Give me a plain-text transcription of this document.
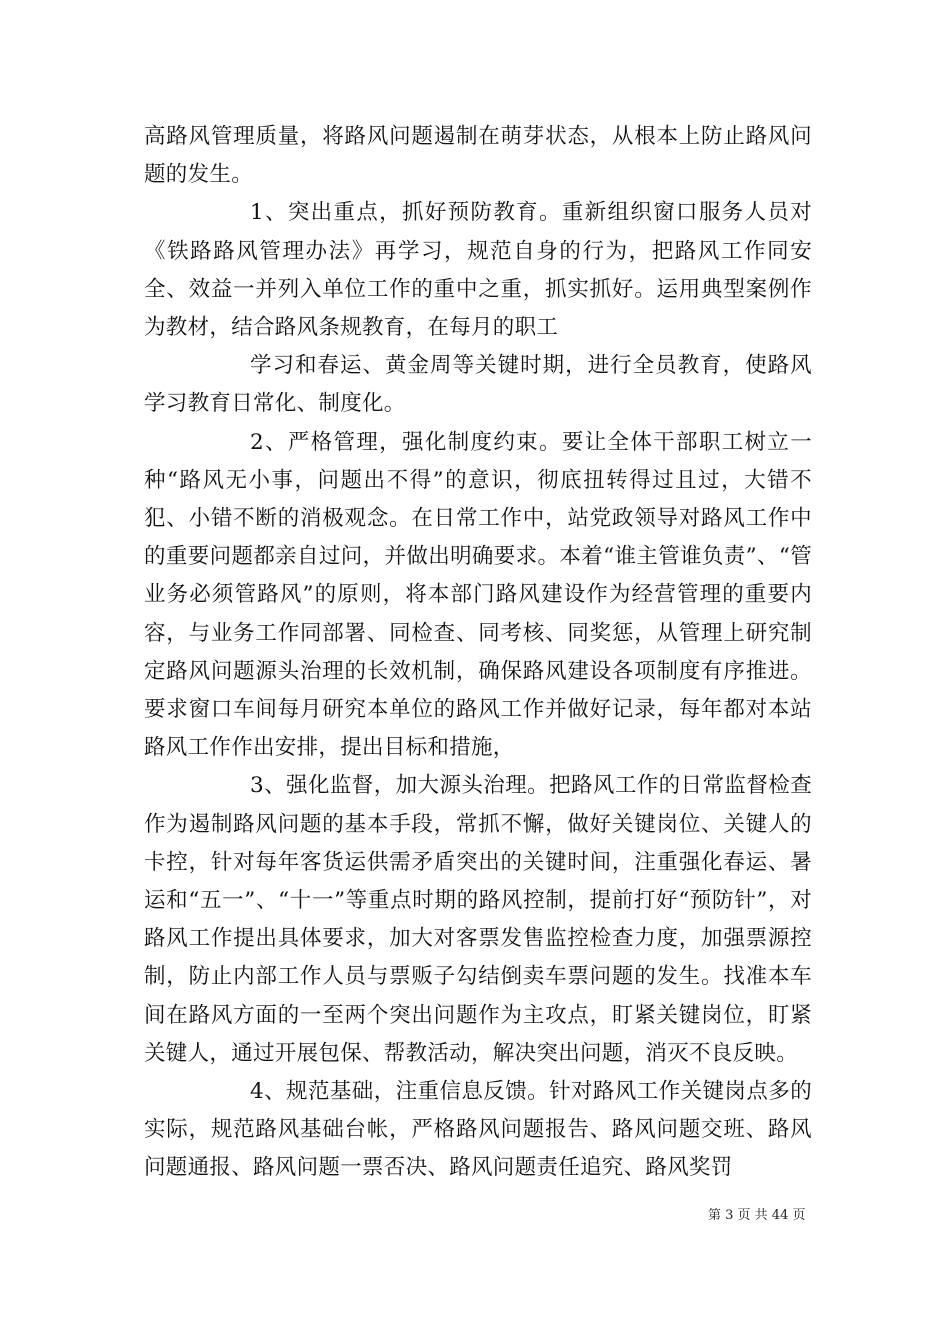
高路风管理质量，将路风问题遏制在萌芽状态，从根本上防止路风问题的发生。

1、突出重点，抓好预防教育。重新组织窗口服务人员对《铁路路风管理办法》再学习，规范自身的行为，把路风工作同安全、效益一并列入单位工作的重中之重，抓实抓好。运用典型案例作为教材，结合路风条规教育，在每月的职工

学习和春运、黄金周等关键时期，进行全员教育，使路风学习教育日常化、制度化。

2、严格管理，强化制度约束。要让全体干部职工树立一种“路风无小事，问题出不得”的意识，彻底扭转得过且过，大错不犯、小错不断的消极观念。在日常工作中，站党政领导对路风工作中的重要问题都亲自过问，并做出明确要求。本着“谁主管谁负责”、“管业务必须管路风”的原则，将本部门路风建设作为经营管理的重要内容，与业务工作同部署、同检查、同考核、同奖惩，从管理上研究制定路风问题源头治理的长效机制，确保路风建设各项制度有序推进。要求窗口车间每月研究本单位的路风工作并做好记录，每年都对本站路风工作作出安排，提出目标和措施，

3、强化监督，加大源头治理。把路风工作的日常监督检查作为遏制路风问题的基本手段，常抓不懈，做好关键岗位、关键人的卡控，针对每年客货运供需矛盾突出的关键时间，注重强化春运、暑运和“五一”、“十一”等重点时期的路风控制，提前打好“预防针”，对路风工作提出具体要求，加大对客票发售监控检查力度，加强票源控制，防止内部工作人员与票贩子勾结倒卖车票问题的发生。找准本车间在路风方面的一至两个突出问题作为主攻点，盯紧关键岗位，盯紧关键人，通过开展包保、帮教活动，解决突出问题，消灭不良反映。

4、规范基础，注重信息反馈。针对路风工作关键岗点多的实际，规范路风基础台帐，严格路风问题报告、路风问题交班、路风问题通报、路风问题一票否决、路风问题责任追究、路风奖罚

第 3 页 共 44 页
